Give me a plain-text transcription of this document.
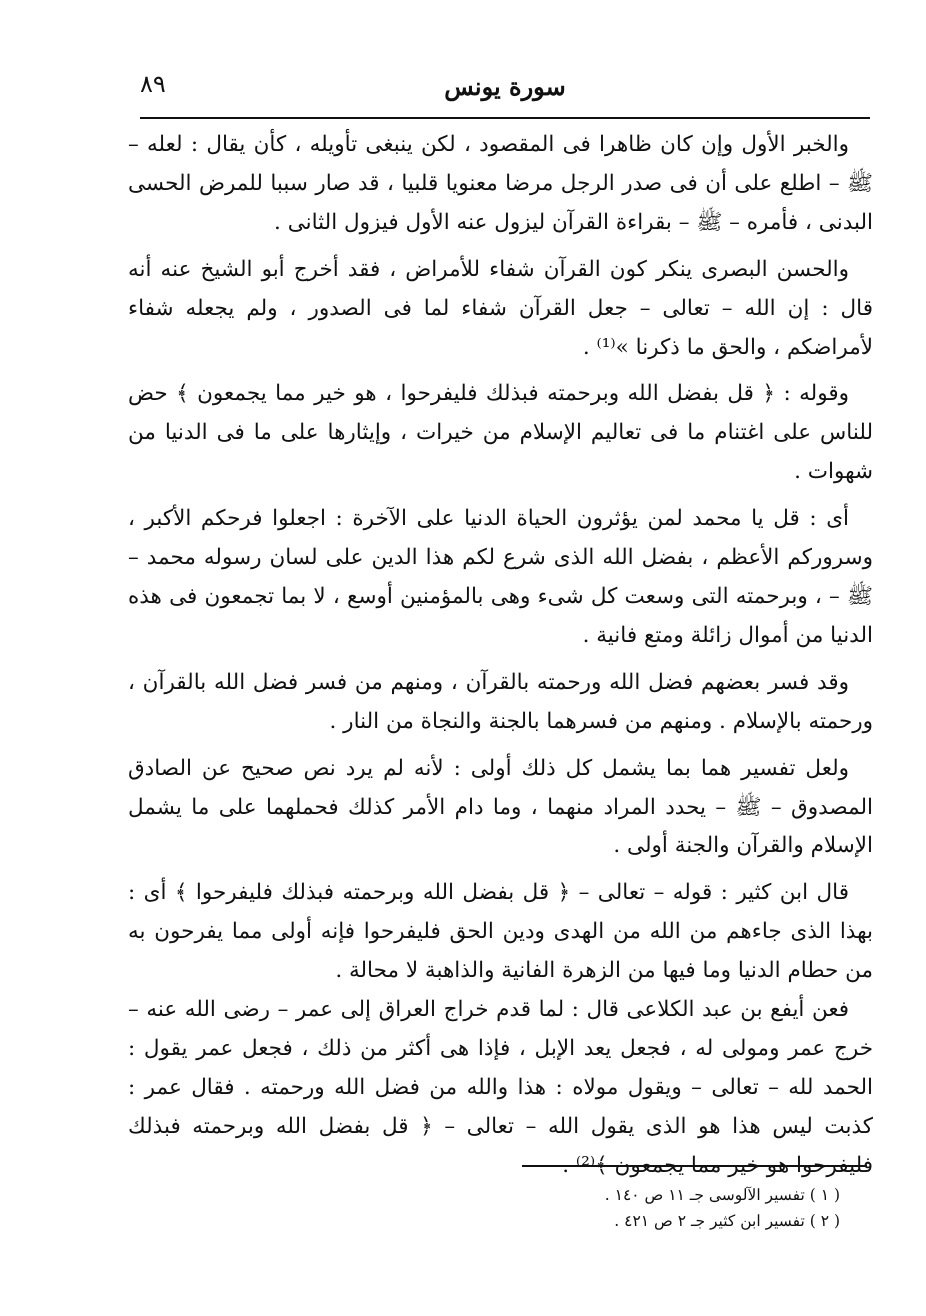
٨٩	سورة يونس

والخبر الأول وإن كان ظاهرا فى المقصود ، لكن ينبغى تأويله ، كأن يقال : لعله – ﷺ – اطلع على أن فى صدر الرجل مرضا معنويا قلبيا ، قد صار سببا للمرض الحسى البدنى ، فأمره – ﷺ – بقراءة القرآن ليزول عنه الأول فيزول الثانى .

والحسن البصرى ينكر كون القرآن شفاء للأمراض ، فقد أخرج أبو الشيخ عنه أنه قال : إن الله – تعالى – جعل القرآن شفاء لما فى الصدور ، ولم يجعله شفاء لأمراضكم ، والحق ما ذكرنا »⁽¹⁾ .

وقوله : ﴿ قل بفضل الله وبرحمته فبذلك فليفرحوا ، هو خير مما يجمعون ﴾ حض للناس على اغتنام ما فى تعاليم الإسلام من خيرات ، وإيثارها على ما فى الدنيا من شهوات .

أى : قل يا محمد لمن يؤثرون الحياة الدنيا على الآخرة : اجعلوا فرحكم الأكبر ، وسروركم الأعظم ، بفضل الله الذى شرع لكم هذا الدين على لسان رسوله محمد – ﷺ – ، وبرحمته التى وسعت كل شىء وهى بالمؤمنين أوسع ، لا بما تجمعون فى هذه الدنيا من أموال زائلة ومتع فانية .

وقد فسر بعضهم فضل الله ورحمته بالقرآن ، ومنهم من فسر فضل الله بالقرآن ، ورحمته بالإسلام . ومنهم من فسرهما بالجنة والنجاة من النار .

ولعل تفسير هما بما يشمل كل ذلك أولى : لأنه لم يرد نص صحيح عن الصادق المصدوق – ﷺ – يحدد المراد منهما ، وما دام الأمر كذلك فحملهما على ما يشمل الإسلام والقرآن والجنة أولى .

قال ابن كثير : قوله – تعالى – ﴿ قل بفضل الله وبرحمته فبذلك فليفرحوا ﴾ أى : بهذا الذى جاءهم من الله من الهدى ودين الحق فليفرحوا فإنه أولى مما يفرحون به من حطام الدنيا وما فيها من الزهرة الفانية والذاهبة لا محالة .

فعن أيفع بن عبد الكلاعى قال : لما قدم خراج العراق إلى عمر – رضى الله عنه – خرج عمر ومولى له ، فجعل يعد الإبل ، فإذا هى أكثر من ذلك ، فجعل عمر يقول : الحمد لله – تعالى – ويقول مولاه : هذا والله من فضل الله ورحمته . فقال عمر : كذبت ليس هذا هو الذى يقول الله – تعالى – ﴿ قل بفضل الله وبرحمته فبذلك فليفرحوا هو خير مما يجمعون ﴾⁽²⁾ .

( ١ ) تفسير الآلوسى جـ ١١ ص ١٤٠ .

( ٢ ) تفسير ابن كثير جـ ٢ ص ٤٢١ .
